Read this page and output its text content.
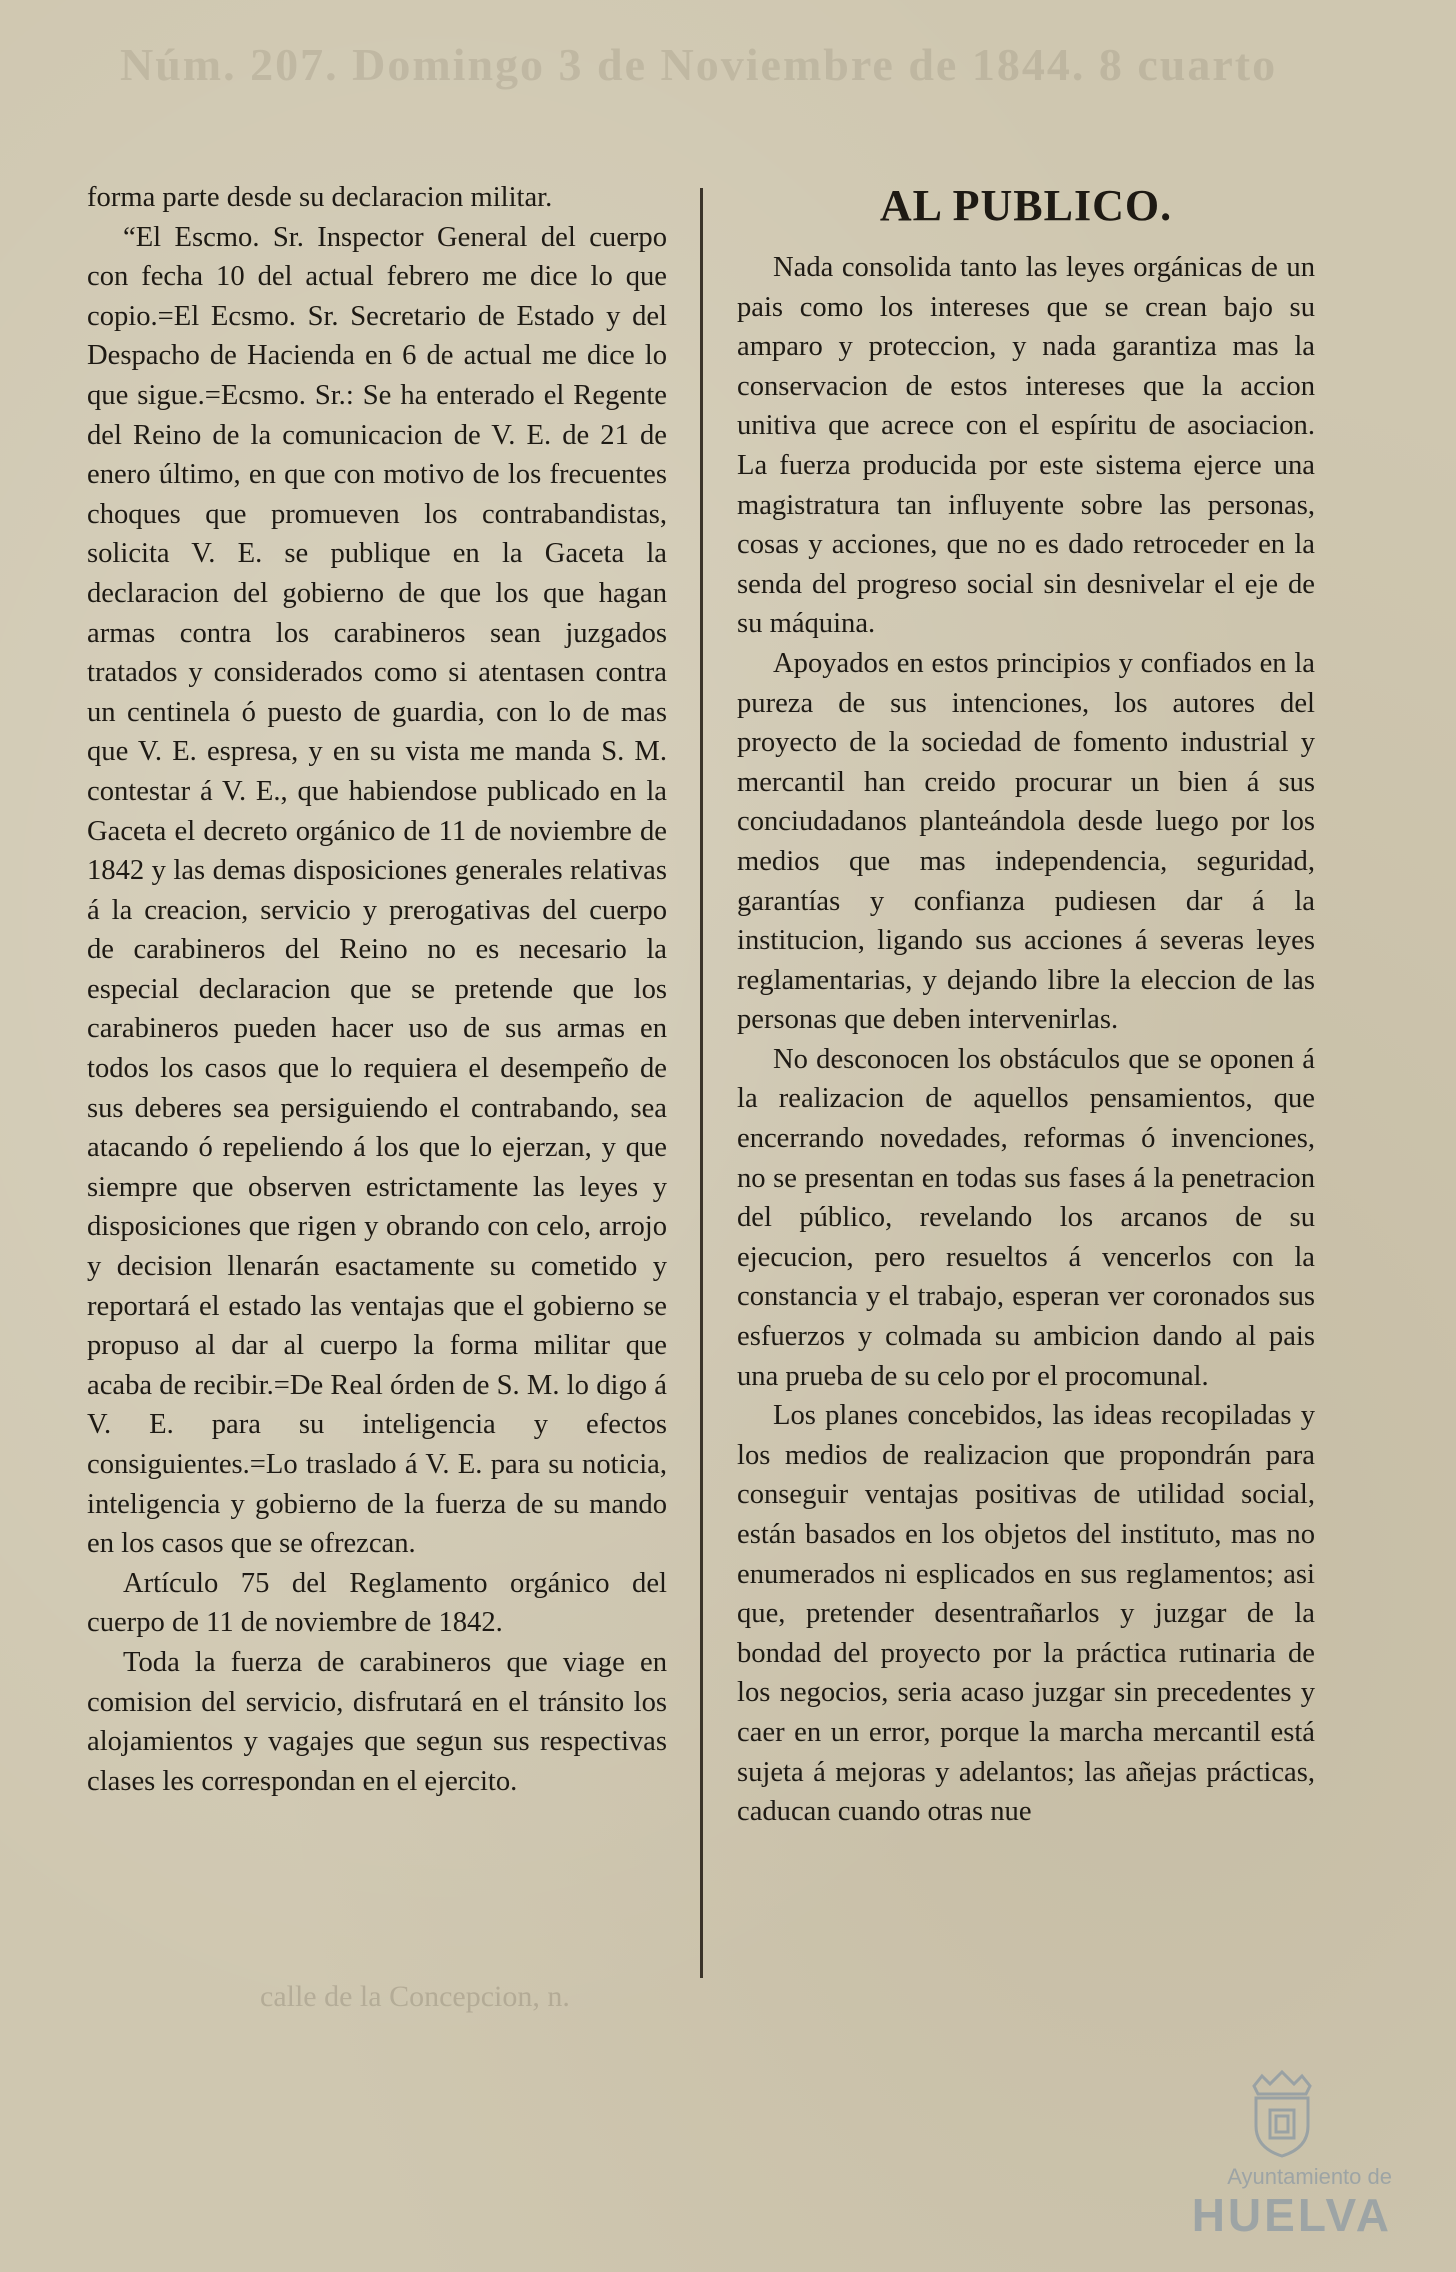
Núm. 207. Domingo 3 de Noviembre de 1844. 8 cuarto

forma parte desde su declaracion militar.

“El Escmo. Sr. Inspector General del cuerpo con fecha 10 del actual febrero me dice lo que copio.=El Ecsmo. Sr. Secretario de Estado y del Despacho de Hacienda en 6 de actual me dice lo que sigue.=Ecsmo. Sr.: Se ha enterado el Regente del Reino de la comunicacion de V. E. de 21 de enero último, en que con motivo de los frecuentes choques que promueven los contrabandistas, solicita V. E. se publique en la Gaceta la declaracion del gobierno de que los que hagan armas contra los carabineros sean juzgados tratados y considerados como si atentasen contra un centinela ó puesto de guardia, con lo de mas que V. E. espresa, y en su vista me manda S. M. contestar á V. E., que habiendose publicado en la Gaceta el decreto orgánico de 11 de noviembre de 1842 y las demas disposiciones generales relativas á la creacion, servicio y prerogativas del cuerpo de carabineros del Reino no es necesario la especial declaracion que se pretende que los carabineros pueden hacer uso de sus armas en todos los casos que lo requiera el desempeño de sus deberes sea persiguiendo el contrabando, sea atacando ó repeliendo á los que lo ejerzan, y que siempre que observen estrictamente las leyes y disposiciones que rigen y obrando con celo, arrojo y decision llenarán esactamente su cometido y reportará el estado las ventajas que el gobierno se propuso al dar al cuerpo la forma militar que acaba de recibir.=De Real órden de S. M. lo digo á V. E. para su inteligencia y efectos consiguientes.=Lo traslado á V. E. para su noticia, inteligencia y gobierno de la fuerza de su mando en los casos que se ofrezcan.

Artículo 75 del Reglamento orgánico del cuerpo de 11 de noviembre de 1842.

Toda la fuerza de carabineros que viage en comision del servicio, disfrutará en el tránsito los alojamientos y vagajes que segun sus respectivas clases les correspondan en el ejercito.

AL PUBLICO.

Nada consolida tanto las leyes orgánicas de un pais como los intereses que se crean bajo su amparo y proteccion, y nada garantiza mas la conservacion de estos intereses que la accion unitiva que acrece con el espíritu de asociacion. La fuerza producida por este sistema ejerce una magistratura tan influyente sobre las personas, cosas y acciones, que no es dado retroceder en la senda del progreso social sin desnivelar el eje de su máquina.

Apoyados en estos principios y confiados en la pureza de sus intenciones, los autores del proyecto de la sociedad de fomento industrial y mercantil han creido procurar un bien á sus conciudadanos planteándola desde luego por los medios que mas independencia, seguridad, garantías y confianza pudiesen dar á la institucion, ligando sus acciones á severas leyes reglamentarias, y dejando libre la eleccion de las personas que deben intervenirlas.

No desconocen los obstáculos que se oponen á la realizacion de aquellos pensamientos, que encerrando novedades, reformas ó invenciones, no se presentan en todas sus fases á la penetracion del público, revelando los arcanos de su ejecucion, pero resueltos á vencerlos con la constancia y el trabajo, esperan ver coronados sus esfuerzos y colmada su ambicion dando al pais una prueba de su celo por el procomunal.

Los planes concebidos, las ideas recopiladas y los medios de realizacion que propondrán para conseguir ventajas positivas de utilidad social, están basados en los objetos del instituto, mas no enumerados ni esplicados en sus reglamentos; asi que, pretender desentrañarlos y juzgar de la bondad del proyecto por la práctica rutinaria de los negocios, seria acaso juzgar sin precedentes y caer en un error, porque la marcha mercantil está sujeta á mejoras y adelantos; las añejas prácticas, caducan cuando otras nue

calle de la Concepcion, n.
Ayuntamiento de
HUELVA
